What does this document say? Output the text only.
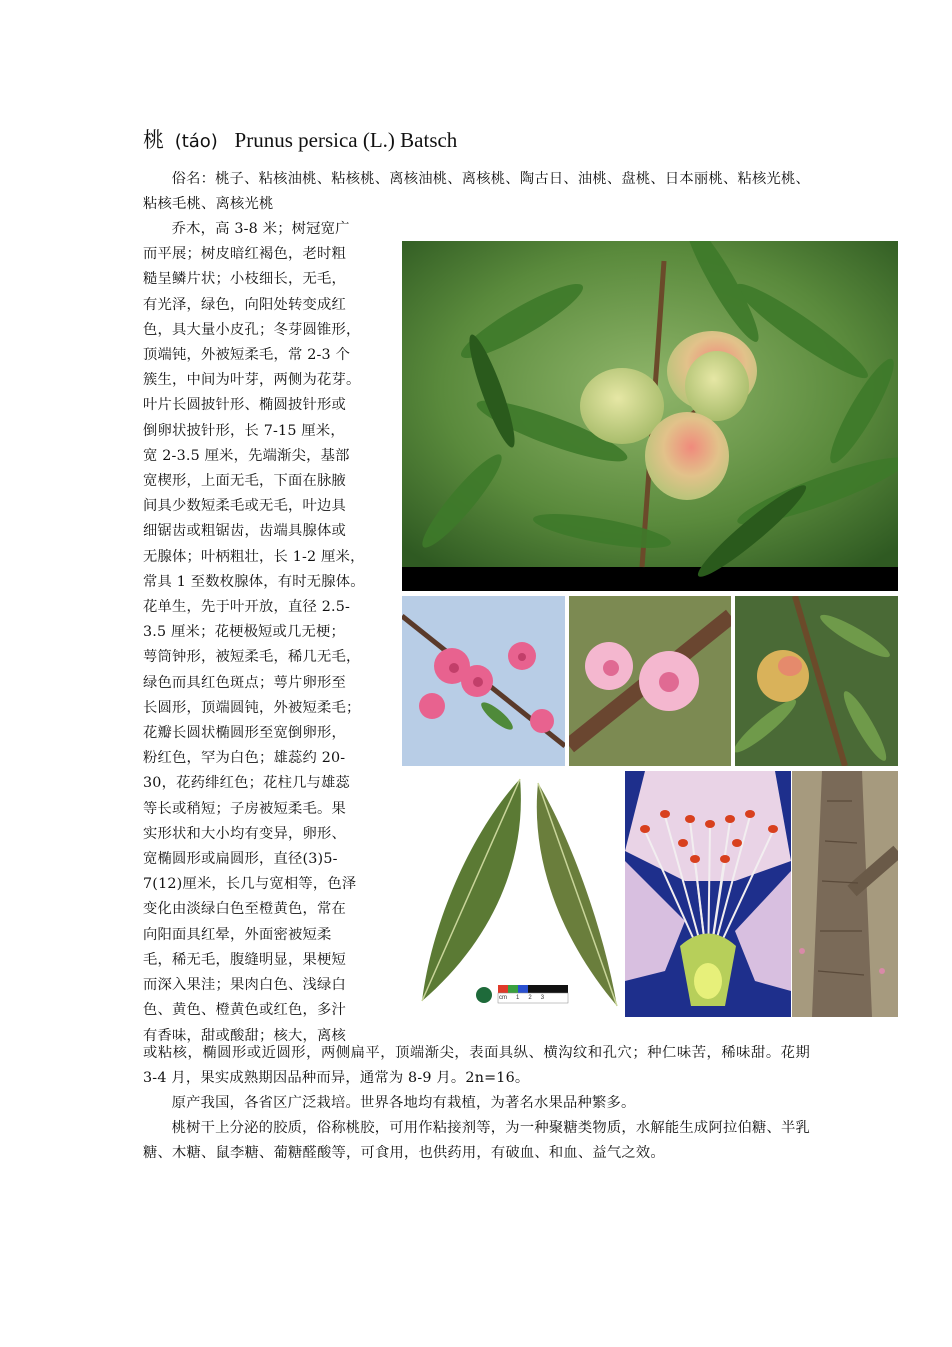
桃 (táo) Prunus persica (L.) Batsch

俗名：桃子、粘核油桃、粘核桃、离核油桃、离核桃、陶古日、油桃、盘桃、日本丽桃、粘核光桃、粘核毛桃、离核光桃

乔木，高 3-8 米；树冠宽广
而平展；树皮暗红褐色，老时粗
糙呈鳞片状；小枝细长，无毛，
有光泽，绿色，向阳处转变成红
色，具大量小皮孔；冬芽圆锥形，
顶端钝，外被短柔毛，常 2-3 个
簇生，中间为叶芽，两侧为花芽。
叶片长圆披针形、椭圆披针形或
倒卵状披针形，长 7-15 厘米，
宽 2-3.5 厘米，先端渐尖，基部
宽楔形，上面无毛，下面在脉腋
间具少数短柔毛或无毛，叶边具
细锯齿或粗锯齿，齿端具腺体或
无腺体；叶柄粗壮，长 1-2 厘米，
常具 1 至数枚腺体，有时无腺体。
花单生，先于叶开放，直径 2.5-
3.5 厘米；花梗极短或几无梗；
萼筒钟形，被短柔毛，稀几无毛，
绿色而具红色斑点；萼片卵形至
长圆形，顶端圆钝，外被短柔毛；
花瓣长圆状椭圆形至宽倒卵形，
粉红色，罕为白色；雄蕊约 20-
30，花药绯红色；花柱几与雄蕊
等长或稍短；子房被短柔毛。果
实形状和大小均有变异，卵形、
宽椭圆形或扁圆形，直径(3)5-
7(12)厘米，长几与宽相等，色泽
变化由淡绿白色至橙黄色，常在
向阳面具红晕，外面密被短柔
毛，稀无毛，腹缝明显，果梗短
而深入果洼；果肉白色、浅绿白
色、黄色、橙黄色或红色，多汁
有香味，甜或酸甜；核大，离核

或粘核，椭圆形或近圆形，两侧扁平，顶端渐尖，表面具纵、横沟纹和孔穴；种仁味苦，稀味甜。花期 3-4 月，果实成熟期因品种而异，通常为 8-9 月。2n=16。

原产我国，各省区广泛栽培。世界各地均有栽植，为著名水果品种繁多。

桃树干上分泌的胶质，俗称桃胶，可用作粘接剂等，为一种聚糖类物质，水解能生成阿拉伯糖、半乳糖、木糖、鼠李糖、葡糖醛酸等，可食用，也供药用，有破血、和血、益气之效。

cm 1 2 3
